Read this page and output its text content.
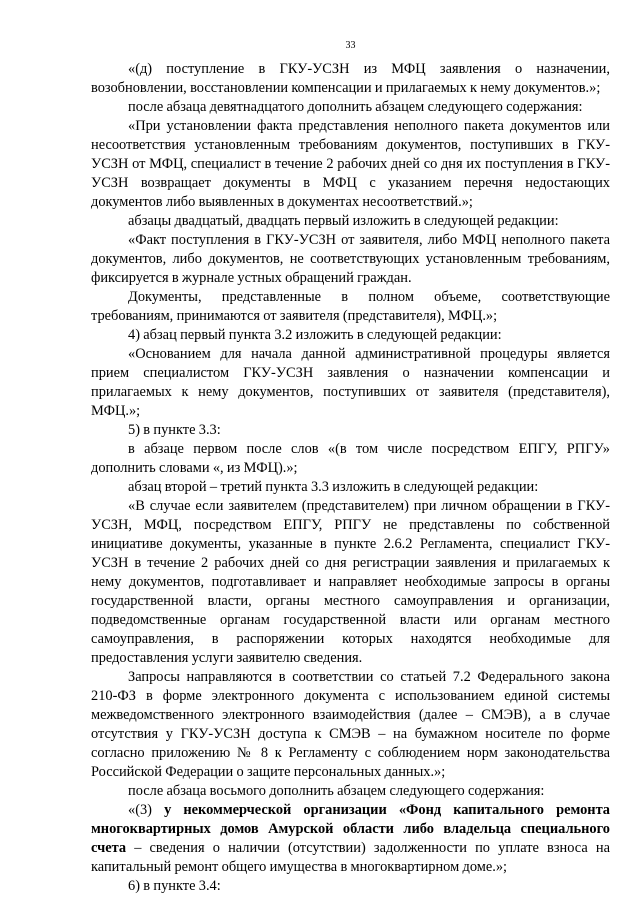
33

«(д) поступление в ГКУ-УСЗН из МФЦ заявления о назначении, возобновлении, восстановлении компенсации и прилагаемых к нему документов.»;

после абзаца девятнадцатого дополнить абзацем следующего содержания:

«При установлении факта представления неполного пакета документов или несоответствия установленным требованиям документов, поступивших в ГКУ-УСЗН от МФЦ, специалист в течение 2 рабочих дней со дня их поступления в ГКУ-УСЗН возвращает документы в МФЦ с указанием перечня недостающих документов либо выявленных в документах несоответствий.»;

абзацы двадцатый, двадцать первый изложить в следующей редакции:

«Факт поступления в ГКУ-УСЗН от заявителя, либо МФЦ неполного пакета документов, либо документов, не соответствующих установленным требованиям, фиксируется в журнале устных обращений граждан.

Документы, представленные в полном объеме, соответствующие требованиям, принимаются от заявителя (представителя), МФЦ.»;

4) абзац первый пункта 3.2 изложить в следующей редакции:

«Основанием для начала данной административной процедуры является прием специалистом ГКУ-УСЗН заявления о назначении компенсации и прилагаемых к нему документов, поступивших от заявителя (представителя), МФЦ.»;

5) в пункте 3.3:

в абзаце первом после слов «(в том числе посредством ЕПГУ, РПГУ» дополнить словами «, из МФЦ).»;

абзац второй – третий пункта 3.3 изложить в следующей редакции:

«В случае если заявителем (представителем) при личном обращении в ГКУ-УСЗН, МФЦ, посредством ЕПГУ, РПГУ не представлены по собственной инициативе документы, указанные в пункте 2.6.2 Регламента, специалист ГКУ-УСЗН в течение 2 рабочих дней со дня регистрации заявления и прилагаемых к нему документов, подготавливает и направляет необходимые запросы в органы государственной власти, органы местного самоуправления и организации, подведомственные органам государственной власти или органам местного самоуправления, в распоряжении которых находятся необходимые для предоставления услуги заявителю сведения.

Запросы направляются в соответствии со статьей 7.2 Федерального закона 210-ФЗ в форме электронного документа с использованием единой системы межведомственного электронного взаимодействия (далее – СМЭВ), а в случае отсутствия у ГКУ-УСЗН доступа к СМЭВ – на бумажном носителе по форме согласно приложению № 8 к Регламенту с соблюдением норм законодательства Российской Федерации о защите персональных данных.»;

после абзаца восьмого дополнить абзацем следующего содержания:

«(3) у некоммерческой организации «Фонд капитального ремонта многоквартирных домов Амурской области либо владельца специального счета – сведения о наличии (отсутствии) задолженности по уплате взноса на капитальный ремонт общего имущества в многоквартирном доме.»;

6) в пункте 3.4:
